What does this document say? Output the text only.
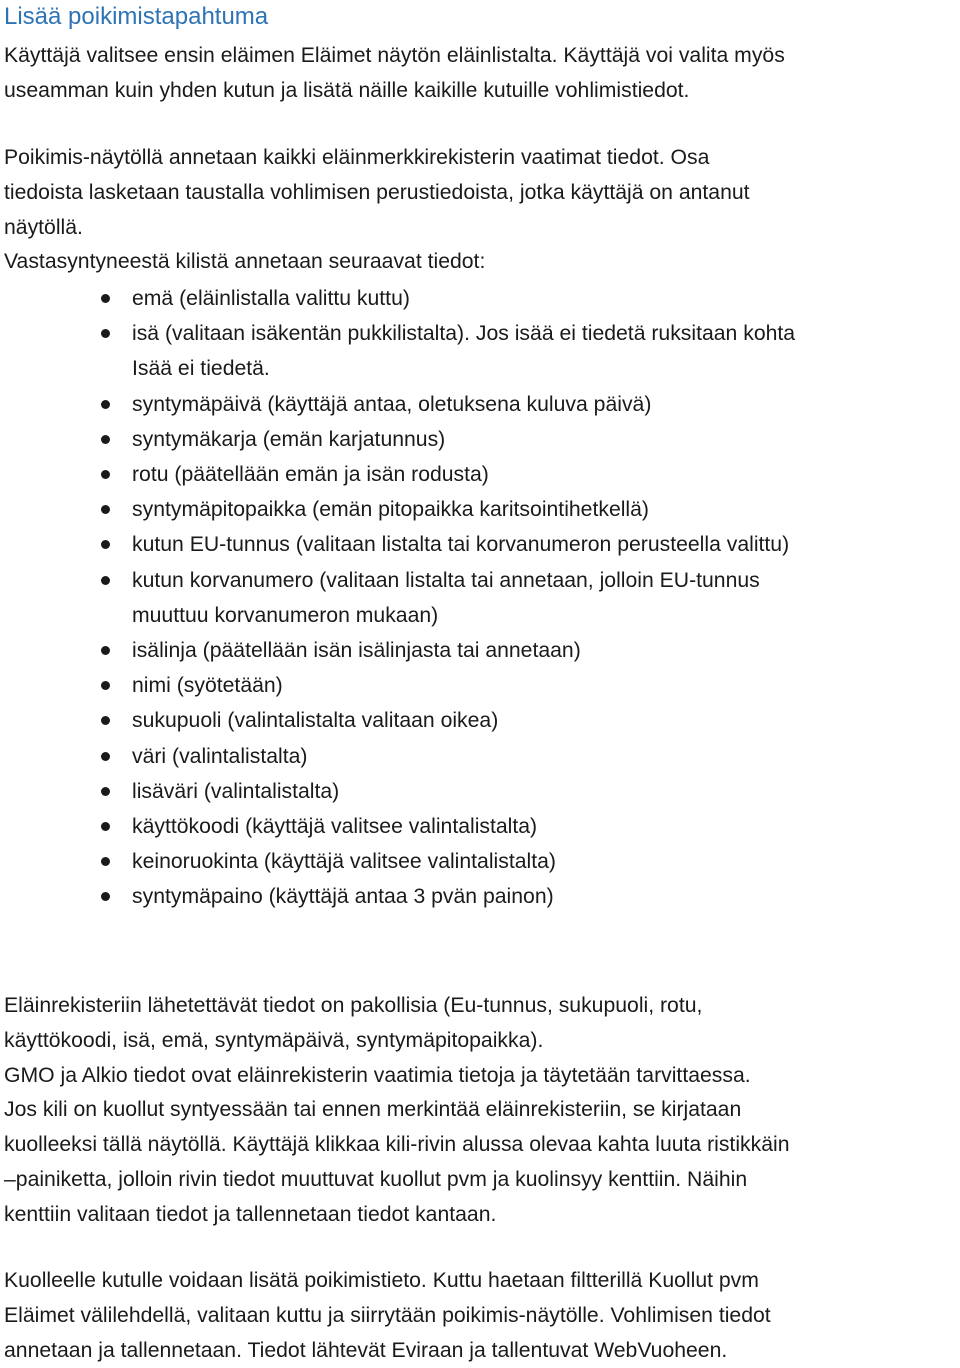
Lisää poikimistapahtuma
Käyttäjä valitsee ensin eläimen Eläimet näytön eläinlistalta. Käyttäjä voi valita myös
useamman kuin yhden kutun ja lisätä näille kaikille kutuille vohlimistiedot.
Poikimis-näytöllä annetaan kaikki eläinmerkkirekisterin vaatimat tiedot. Osa
tiedoista lasketaan taustalla vohlimisen perustiedoista, jotka käyttäjä on antanut
näytöllä.
Vastasyntyneestä kilistä annetaan seuraavat tiedot:
emä (eläinlistalla valittu kuttu)
isä (valitaan isäkentän pukkilistalta). Jos isää ei tiedetä ruksitaan kohta
Isää ei tiedetä.
syntymäpäivä (käyttäjä antaa, oletuksena kuluva päivä)
syntymäkarja (emän karjatunnus)
rotu (päätellään emän ja isän rodusta)
syntymäpitopaikka (emän pitopaikka karitsointihetkellä)
kutun EU-tunnus (valitaan listalta tai korvanumeron perusteella valittu)
kutun korvanumero (valitaan listalta tai annetaan, jolloin EU-tunnus
muuttuu korvanumeron mukaan)
isälinja (päätellään isän isälinjasta tai annetaan)
nimi (syötetään)
sukupuoli (valintalistalta valitaan oikea)
väri (valintalistalta)
lisäväri (valintalistalta)
käyttökoodi (käyttäjä valitsee valintalistalta)
keinoruokinta (käyttäjä valitsee valintalistalta)
syntymäpaino (käyttäjä antaa 3 pvän painon)
Eläinrekisteriin lähetettävät tiedot on pakollisia (Eu-tunnus, sukupuoli, rotu,
käyttökoodi, isä, emä, syntymäpäivä, syntymäpitopaikka).
GMO ja Alkio tiedot ovat eläinrekisterin vaatimia tietoja ja täytetään tarvittaessa.
Jos kili on kuollut syntyessään tai ennen merkintää eläinrekisteriin, se kirjataan
kuolleeksi tällä näytöllä. Käyttäjä klikkaa kili-rivin alussa olevaa kahta luuta ristikkäin
–painiketta, jolloin rivin tiedot muuttuvat kuollut pvm ja kuolinsyy kenttiin. Näihin
kenttiin valitaan tiedot ja tallennetaan tiedot kantaan.
Kuolleelle kutulle voidaan lisätä poikimistieto. Kuttu haetaan filtterillä Kuollut pvm
Eläimet välilehdellä, valitaan kuttu ja siirrytään poikimis-näytölle. Vohlimisen tiedot
annetaan ja tallennetaan. Tiedot lähtevät Eviraan ja tallentuvat WebVuoheen.
